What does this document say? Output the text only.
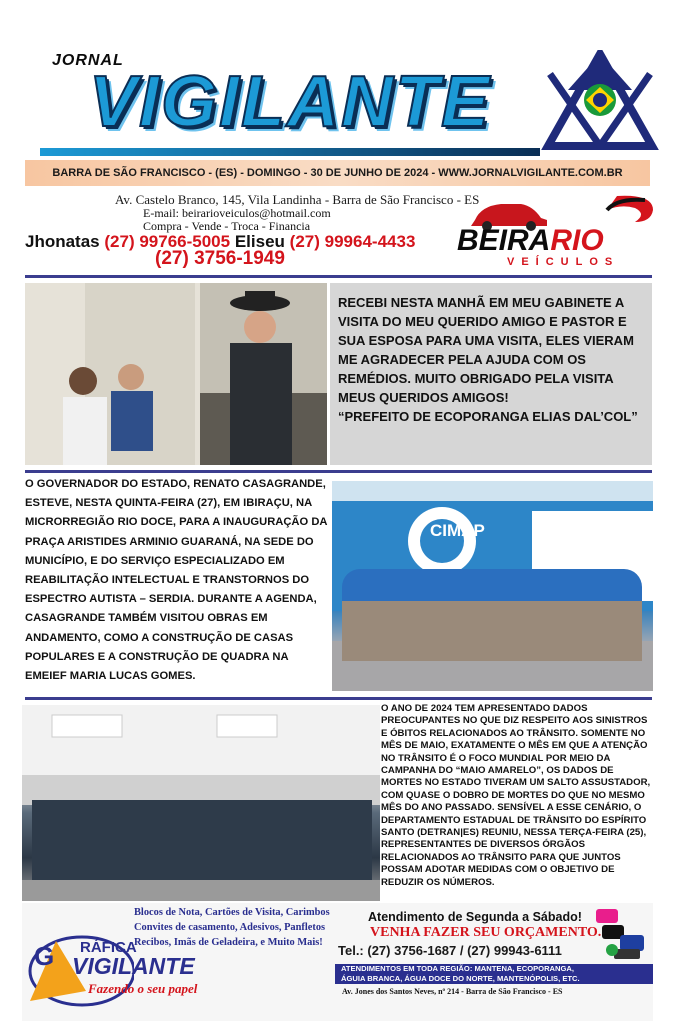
JORNAL
VIGILANTE
BARRA DE SÃO FRANCISCO - (ES) - DOMINGO - 30 DE JUNHO DE 2024 - WWW.JORNALVIGILANTE.COM.BR
Av. Castelo Branco, 145, Vila Landinha - Barra de São Francisco - ES
E-mail: beirarioveiculos@hotmail.com
Compra - Vende - Troca - Financia
Jhonatas (27) 99766-5005 Eliseu (27) 99964-4433
(27) 3756-1949
BEIRARIO
VEÍCULOS

RECEBI NESTA MANHÃ EM MEU GABINETE A VISITA DO MEU QUERIDO AMIGO E PASTOR E SUA ESPOSA PARA UMA VISITA, ELES VIERAM ME AGRADECER PELA AJUDA COM OS REMÉDIOS. MUITO OBRIGADO PELA VISITA MEUS QUERIDOS AMIGOS!

“PREFEITO DE ECOPORANGA ELIAS DAL’COL”

O GOVERNADOR DO ESTADO, RENATO CASAGRANDE, ESTEVE, NESTA QUINTA-FEIRA (27), EM IBIRAÇU, NA MICRORREGIÃO RIO DOCE, PARA A INAUGURAÇÃO DA PRAÇA ARISTIDES ARMINIO GUARANÁ, NA SEDE DO MUNICÍPIO, E DO SERVIÇO ESPECIALIZADO EM REABILITAÇÃO INTELECTUAL E TRANSTORNOS DO ESPECTRO AUTISTA – SERDIA. DURANTE A AGENDA, CASAGRANDE TAMBÉM VISITOU OBRAS EM ANDAMENTO, COMO A CONSTRUÇÃO DE CASAS POPULARES E A CONSTRUÇÃO DE QUADRA NA EMEIEF MARIA LUCAS GOMES.
CIMAP
O ANO DE 2024 TEM APRESENTADO DADOS PREOCUPANTES NO QUE DIZ RESPEITO AOS SINISTROS E ÓBITOS RELACIONADOS AO TRÂNSITO. SOMENTE NO MÊS DE MAIO, EXATAMENTE O MÊS EM QUE A ATENÇÃO NO TRÂNSITO É O FOCO MUNDIAL POR MEIO DA CAMPANHA DO “MAIO AMARELO”, OS DADOS DE MORTES NO ESTADO TIVERAM UM SALTO ASSUSTADOR, COM QUASE O DOBRO DE MORTES DO QUE NO MESMO MÊS DO ANO PASSADO. SENSÍVEL A ESSE CENÁRIO, O DEPARTAMENTO ESTADUAL DE TRÂNSITO DO ESPÍRITO SANTO (DETRAN|ES) REUNIU, NESSA TERÇA-FEIRA (25), REPRESENTANTES DE DIVERSOS ÓRGÃOS RELACIONADOS AO TRÂNSITO PARA QUE JUNTOS POSSAM ADOTAR MEDIDAS COM O OBJETIVO DE REDUZIR OS NÚMEROS.
Blocos de Nota, Cartões de Visita, Carimbos
Convites de casamento, Adesivos, Panfletos
Recibos, Imãs de Geladeira, e Muito Mais!
G RÁFICA
VIGILANTE
Fazendo o seu papel
Atendimento de Segunda a Sábado!
VENHA FAZER SEU ORÇAMENTO.
Tel.: (27) 3756-1687 / (27) 99943-6111
ATENDIMENTOS EM TODA REGIÃO: MANTENA, ECOPORANGA,
ÁGUIA BRANCA, ÁGUA DOCE DO NORTE, MANTENÓPOLIS, ETC.
Av. Jones dos Santos Neves, nº 214 - Barra de São Francisco - ES
